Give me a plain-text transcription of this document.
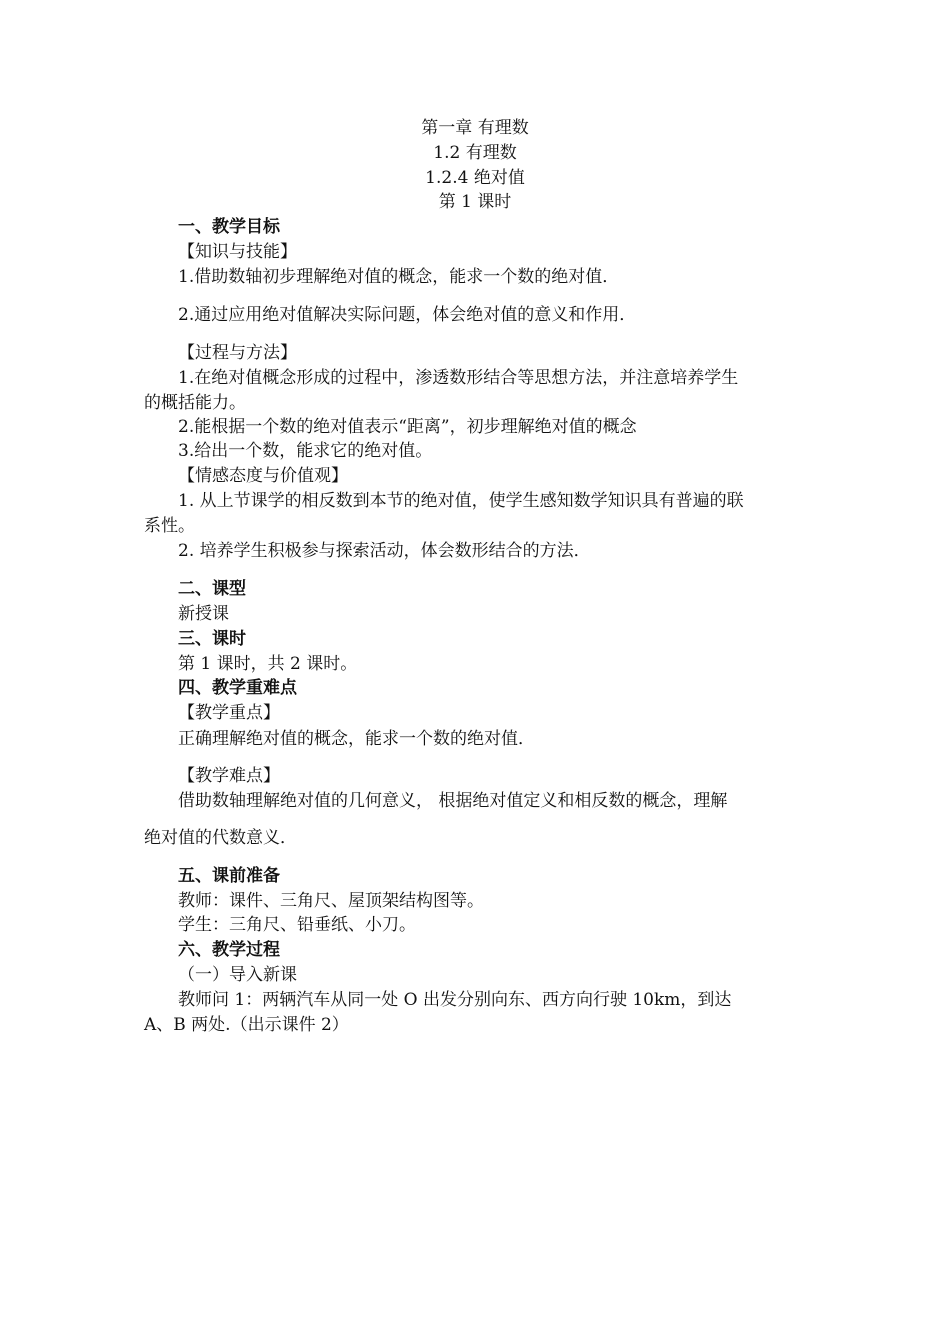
第一章 有理数
1.2 有理数
1.2.4 绝对值
第 1 课时
一、教学目标
【知识与技能】
1.借助数轴初步理解绝对值的概念，能求一个数的绝对值．
2.通过应用绝对值解决实际问题，体会绝对值的意义和作用．
【过程与方法】
1.在绝对值概念形成的过程中，渗透数形结合等思想方法，并注意培养学生
的概括能力。
2.能根据一个数的绝对值表示“距离”，初步理解绝对值的概念
3.给出一个数，能求它的绝对值。
【情感态度与价值观】
1. 从上节课学的相反数到本节的绝对值，使学生感知数学知识具有普遍的联
系性。
2. 培养学生积极参与探索活动，体会数形结合的方法．
二、课型
新授课
三、课时
第 1 课时，共 2 课时。
四、教学重难点
【教学重点】
正确理解绝对值的概念，能求一个数的绝对值．
【教学难点】
借助数轴理解绝对值的几何意义， 根据绝对值定义和相反数的概念，理解
绝对值的代数意义．
五、课前准备
教师：课件、三角尺、屋顶架结构图等。
学生：三角尺、铅垂纸、小刀。
六、教学过程
（一）导入新课
教师问 1：两辆汽车从同一处 O 出发分别向东、西方向行驶 10km，到达
A、B 两处.（出示课件 2）
